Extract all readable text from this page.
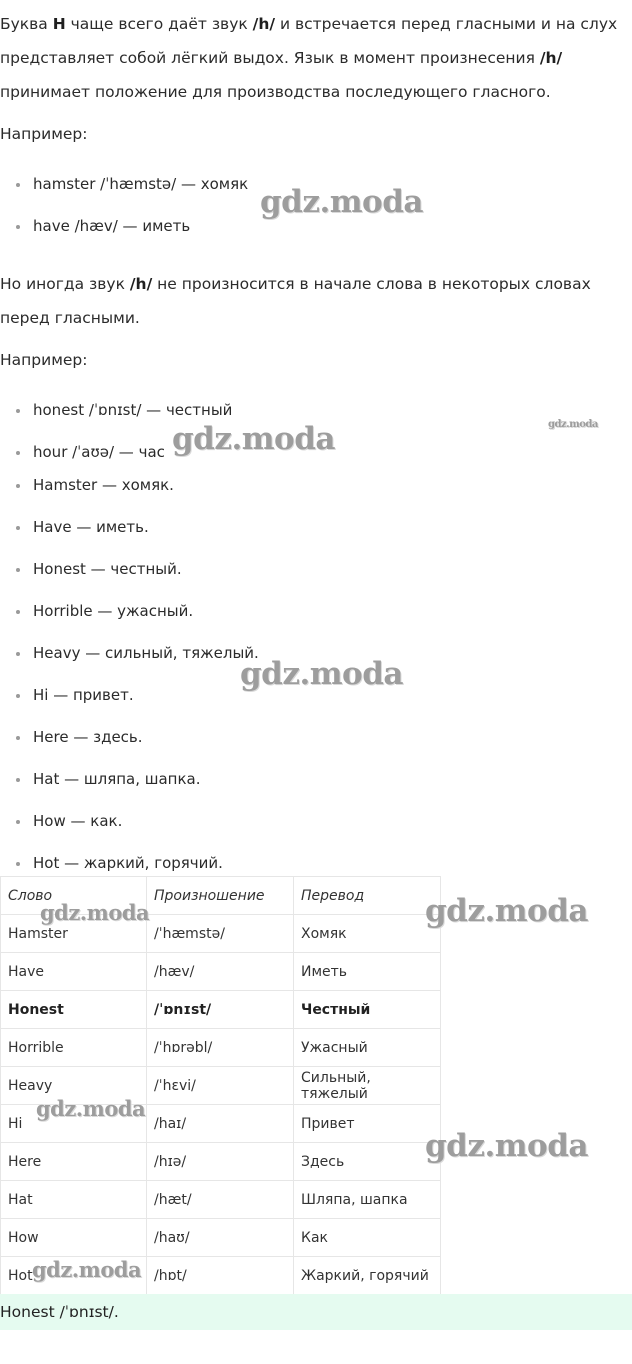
Буква H чаще всего даёт звук /h/ и встречается перед гласными и на слух представляет собой лёгкий выдох. Язык в момент произнесения /h/ принимает положение для производства последующего гласного.

Например:

hamster /ˈhæmstə/ — хомяк
have /hæv/ — иметь

Но иногда звук /h/ не произносится в начале слова в некоторых словах перед гласными.

Например:

honest /ˈɒnɪst/ — честный
hour /ˈaʊə/ — час
Hamster — хомяк.
Have — иметь.
Honest — честный.
Horrible — ужасный.
Heavy — сильный, тяжелый.
Hi — привет.
Here — здесь.
Hat — шляпа, шапка.
How — как.
Hot — жаркий, горячий.
Слово	Произношение	Перевод
Hamster	/ˈhæmstə/	Хомяк
Have	/hæv/	Иметь
Honest	/ˈɒnɪst/	Честный
Horrible	/ˈhɒrəbl/	Ужасный
Heavy	/ˈhɛvi/	Сильный, тяжелый
Hi	/haɪ/	Привет
Here	/hɪə/	Здесь
Hat	/hæt/	Шляпа, шапка
How	/haʊ/	Как
Hot	/hɒt/	Жаркий, горячий
Honest /ˈɒnɪst/.
gdz.moda
gdz.moda
gdz.moda
gdz.moda
gdz.moda	gdz.moda
gdz.moda
gdz.moda
gdz.moda
